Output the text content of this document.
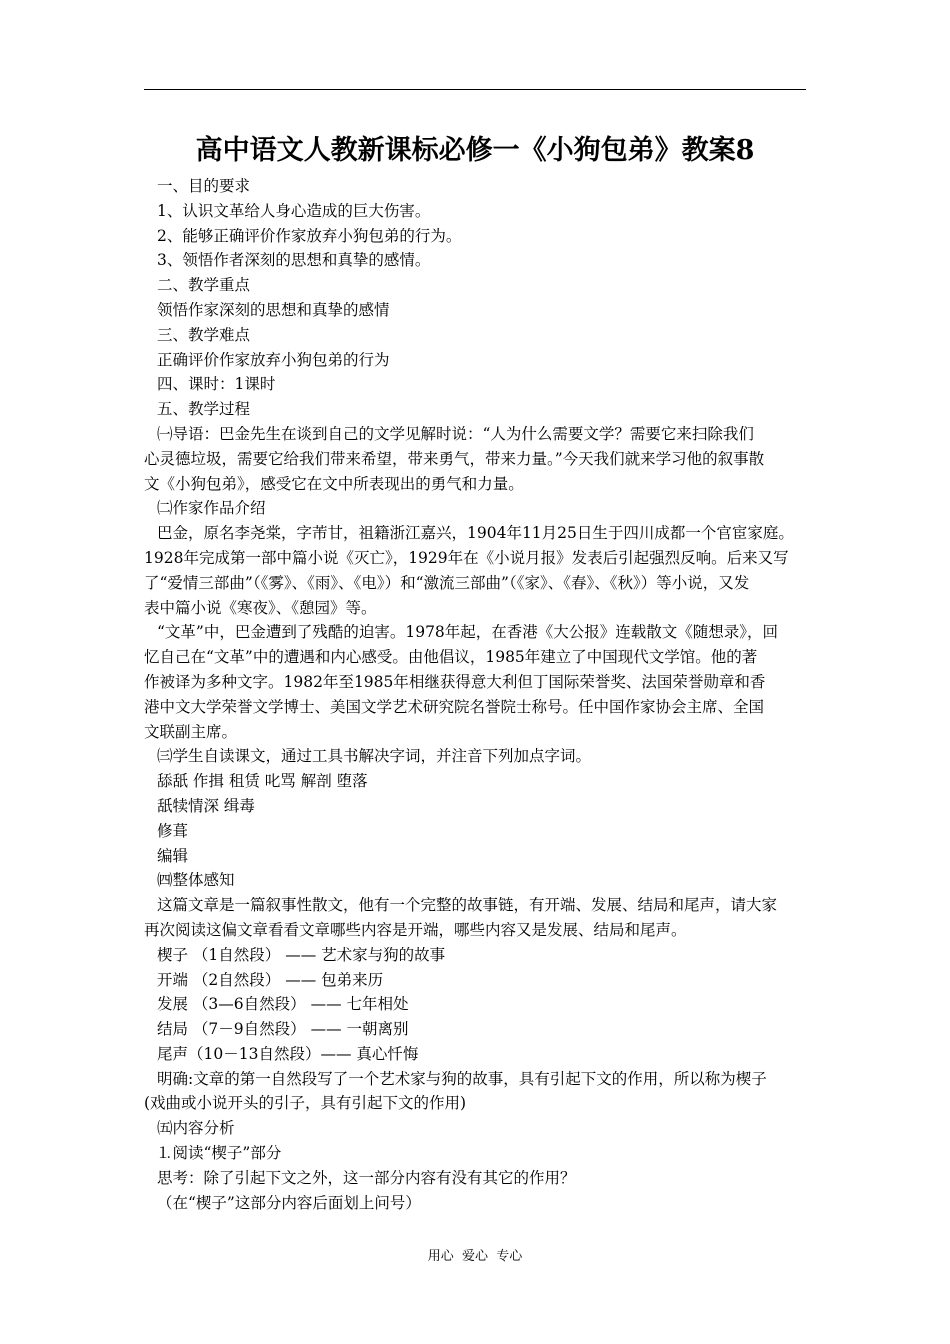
高中语文人教新课标必修一《小狗包弟》教案8
一、目的要求
1、认识文革给人身心造成的巨大伤害。
2、能够正确评价作家放弃小狗包弟的行为。
3、领悟作者深刻的思想和真挚的感情。
二、教学重点
领悟作家深刻的思想和真挚的感情
三、教学难点
正确评价作家放弃小狗包弟的行为
四、课时：1课时
五、教学过程
㈠导语：巴金先生在谈到自己的文学见解时说：“人为什么需要文学？需要它来扫除我们
心灵德垃圾，需要它给我们带来希望，带来勇气，带来力量。”今天我们就来学习他的叙事散
文《小狗包弟》，感受它在文中所表现出的勇气和力量。
㈡作家作品介绍
巴金，原名李尧棠，字芾甘，祖籍浙江嘉兴，1904年11月25日生于四川成都一个官宦家庭。
1928年完成第一部中篇小说《灭亡》，1929年在《小说月报》发表后引起强烈反响。后来又写
了“爱情三部曲”（《雾》、《雨》、《电》）和“激流三部曲”（《家》、《春》、《秋》）等小说，又发
表中篇小说《寒夜》、《憩园》等。
“文革”中，巴金遭到了残酷的迫害。1978年起，在香港《大公报》连载散文《随想录》，回
忆自己在“文革”中的遭遇和内心感受。由他倡议，1985年建立了中国现代文学馆。他的著
作被译为多种文字。1982年至1985年相继获得意大利但丁国际荣誉奖、法国荣誉勋章和香
港中文大学荣誉文学博士、美国文学艺术研究院名誉院士称号。任中国作家协会主席、全国
文联副主席。
㈢学生自读课文，通过工具书解决字词，并注音下列加点字词。
舔舐 作揖 租赁 叱骂 解剖 堕落
舐犊情深 缉毒
修葺
编辑
㈣整体感知
这篇文章是一篇叙事性散文，他有一个完整的故事链，有开端、发展、结局和尾声，请大家
再次阅读这偏文章看看文章哪些内容是开端，哪些内容又是发展、结局和尾声。
楔子 （1自然段） —— 艺术家与狗的故事
开端 （2自然段） —— 包弟来历
发展 （3—6自然段） —— 七年相处
结局 （7－9自然段） —— 一朝离别
尾声（10－13自然段）—— 真心忏悔
明确:文章的第一自然段写了一个艺术家与狗的故事，具有引起下文的作用，所以称为楔子
(戏曲或小说开头的引子，具有引起下文的作用)
㈤内容分析
⒈阅读“楔子”部分
思考：除了引起下文之外，这一部分内容有没有其它的作用？
（在“楔子”这部分内容后面划上问号）
用心  爱心  专心
